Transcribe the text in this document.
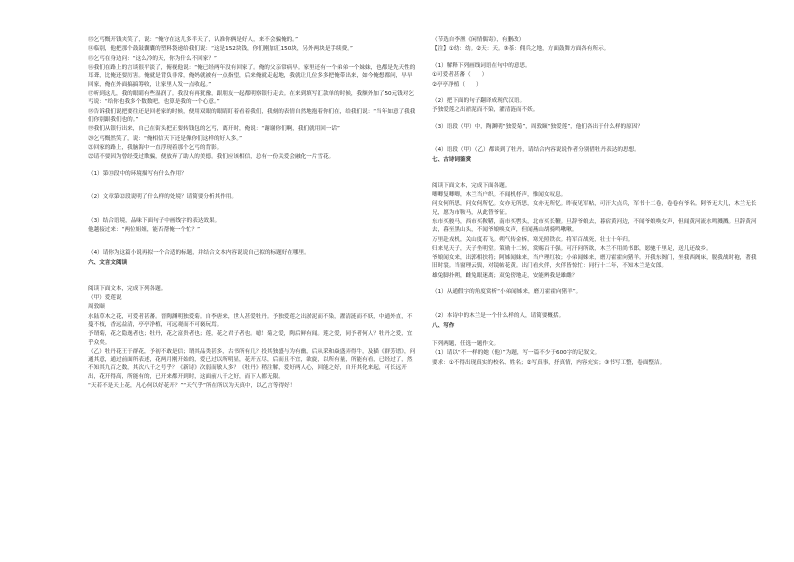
⑬乞丐慨开钱夹笑了，说：“俺守在这儿多半天了，认准你俩是好人，来不会骗俺的。”

⑭临别，他把那个鼓鼓囊囊的塑料袋递给我们说：“这是152块钱，你们刚加汇150块，另外两块是手续费。”

⑮乞丐在身边问：“这么冷的天，你为什么不回家？”

⑯我们在路上的言谈很平淡了，俯视他说：“俺已经两年没有回家了。俺的父亲常病早。家里还有一个弟弟一个妹妹，也都是先天性的耳聋，比俺还要厉害。俺就是背负非常，俺妈就被有一点指望，后来俺就走起地，我就让几位多多把俺带出来，如今俺想都问，早早回家，俺在外面搞搞筹收，让家里人发一点收起。”

⑰听到这儿，我的眼睛有些湿润了。我没有再犹豫，跟朋友一起都明察银行走去。在来到填写汇款单的时候，我额外加了50元钱对乞丐说：“给你也我多个数数吧，也算是我的一个心意。”

⑱告诉我们说把要往还是回老家的时候，便用双眼的眼睛盯着看着我们，我刻的表情自然地抱着你们在，给我们说：“当年如意了我我们你别跟我们也的。”

⑲我们从银行出来，自己在街头把正要转钱包的乞丐，离开时，俺说：“谢谢你们啊，我们就用回一话”

⑳乞丐慨然笑了，说：“俺相信天下还是像你们这样的好人多。”

㉑回家的路上，我脑海中一直浮现着那个乞丐的背影。

㉒请不要因为曾经受过欺骗，便放弃了助人的美德。我们应该相信，总有一份关爱会融化一片雪花。

（1）第⑬段中的环境描写有什么作用？

（2）文章第⑫段说明了什么样的处境？请简要分析其作用。

（3）结合语境，品味下面句子中画线字的表达效果。

他越接过来：“两位姐姐，能否帮俺一个忙？”

（4）请你为这篇小说再拟一个合适的标题，并结合文本内容说说自己拟的标题好在哪里。

六、文言文阅读

阅读下面文本，完成下列各题。

（甲）爱莲说

周敦颐

水陆草木之花，可爱者甚蕃。晋陶渊明独爱菊。自李唐来，世人甚爱牡丹。予独爱莲之出淤泥而不染，濯清涟而不妖，中通外直，不蔓不枝，香远益清，亭亭净植，可远观而不可亵玩焉。

予谓菊，花之隐逸者也；牡丹，花之富贵者也；莲，花之君子者也。噫！菊之爱，陶后鲜有闻。莲之爱，同予者何人？牡丹之爱，宜乎众矣。

（乙）牡丹花王于群花，予初不敢是信；谓其品类甚多，古书所有几？投其独盛与为有幽，后从采和焱盛弄得牛，及猫《群芳谱》，问通其意，通过前面所表述，花两月刚开始的，爱已过以所明显，花开五尽，后而且不宜，欲旋，以所有量，所能有看，已经过了，然不知其九百之数，其次八千之号乎？《新诗》次弱而敏人多？《牡丹》稍注解，爱好两人心，回能之好，自开其化来起，可长远开出，花开得高，所能有的，已开来都开到时，这面前八千之好，而下人都无限。

“天若不是天上花，凡心何以好花开？”“天气乎”所在所以为天真中，以乙言等得好！

（节选自李渔《闲情偶寄》，有删改）

【注】①幼：幼。②天：天。③茶：佣兵之地，方面鼓舞方面各有所示。

（1）解释下列画线词语在句中的意思。

①可爱者甚蕃（　　）

②亭亭净植（　　）

（2）把下面的句子翻译成现代汉语。

予独爱莲之出淤泥而不染，濯清涟而不妖。

（3）语段（甲）中，陶渊明“独爱菊”，周敦颐“独爱莲”，他们各出于什么样的原因？

（4）语段（甲）（乙）都谈到了牡丹，请结合内容说说作者分别借牡丹表达的思想。

七、古诗词鉴赏

阅读下面文本，完成下面各题。

唧唧复唧唧，木兰当户织。不闻机杼声，惟闻女叹息。

问女何所思，问女何所忆。女亦无所思，女亦无所忆。昨夜见军帖，可汗大点兵，军书十二卷，卷卷有爷名。阿爷无大儿，木兰无长兄，愿为市鞍马，从此替爷征。

东市买骏马，西市买鞍鞯，南市买辔头，北市买长鞭。旦辞爷娘去，暮宿黄河边，不闻爷娘唤女声，但闻黄河流水鸣溅溅。旦辞黄河去，暮至黑山头，不闻爷娘唤女声，但闻燕山胡骑鸣啾啾。

万里赴戎机，关山度若飞。朔气传金柝，寒光照铁衣。将军百战死，壮士十年归。

归来见天子，天子坐明堂。策勋十二转，赏赐百千强。可汗问所欲，木兰不用尚书郎，愿驰千里足，送儿还故乡。

爷娘闻女来，出郭相扶将；阿姊闻妹来，当户理红妆；小弟闻姊来，磨刀霍霍向猪羊。开我东阁门，坐我西阁床，脱我战时袍，著我旧时裳。当窗理云鬓，对镜帖花黄。出门看火伴，火伴皆惊忙：同行十二年，不知木兰是女郎。

雄兔脚扑朔，雌兔眼迷离；双兔傍地走，安能辨我是雄雌？

（1）从通假字的角度赏析“小弟闻姊来，磨刀霍霍向猪羊”。

（2）本诗中的木兰是一个什么样的人，请简要概括。

八、写作

下列两题，任选一题作文。

（1）请以“不一样的她（他）”为题，写一篇不少于600字的记叙文。

要求：①不得出现真实的校名、姓名；②写真事，抒真情，内容充实；③书写工整，卷面整洁。
